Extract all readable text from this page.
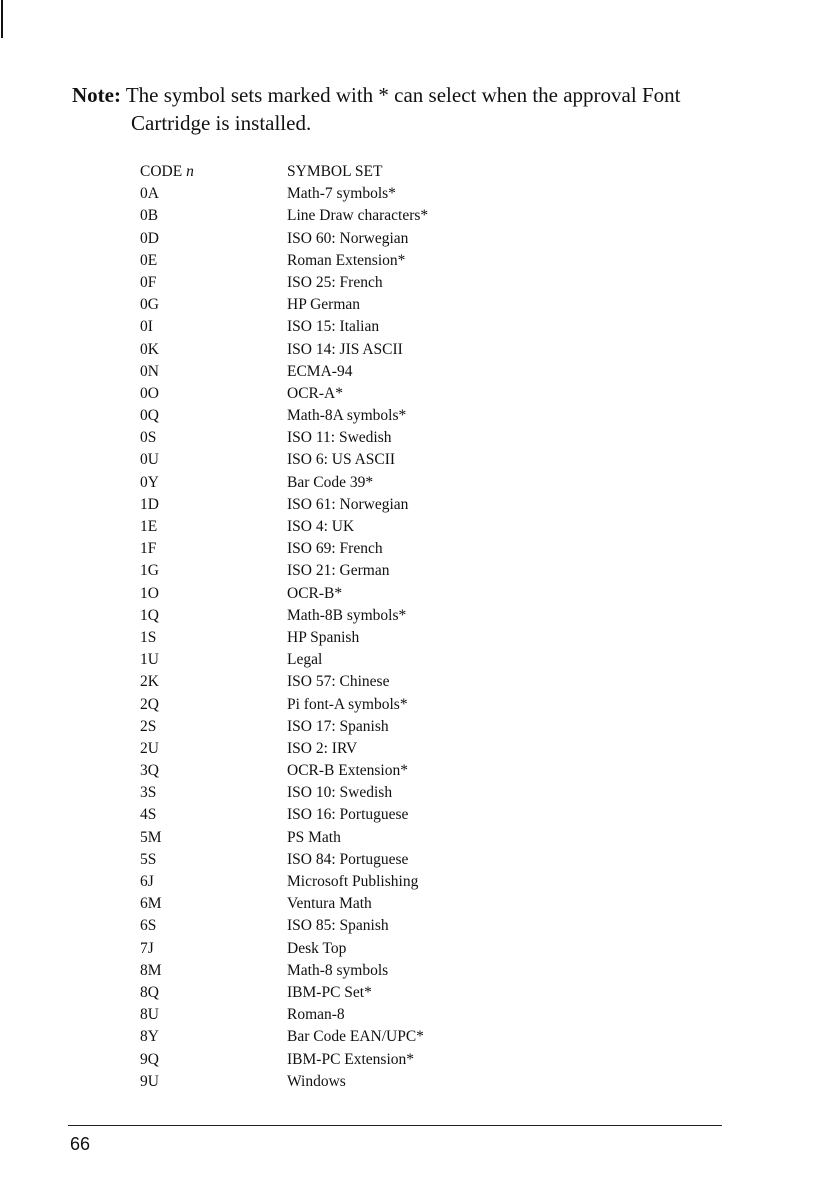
Note: The symbol sets marked with * can select when the approval Font
Cartridge is installed.
CODE n	SYMBOL SET
0A	Math-7 symbols*
0B	Line Draw characters*
0D	ISO 60: Norwegian
0E	Roman Extension*
0F	ISO 25: French
0G	HP German
0I	ISO 15: Italian
0K	ISO 14: JIS ASCII
0N	ECMA-94
0O	OCR-A*
0Q	Math-8A symbols*
0S	ISO 11: Swedish
0U	ISO 6: US ASCII
0Y	Bar Code 39*
1D	ISO 61: Norwegian
1E	ISO 4: UK
1F	ISO 69: French
1G	ISO 21: German
1O	OCR-B*
1Q	Math-8B symbols*
1S	HP Spanish
1U	Legal
2K	ISO 57: Chinese
2Q	Pi font-A symbols*
2S	ISO 17: Spanish
2U	ISO 2: IRV
3Q	OCR-B Extension*
3S	ISO 10: Swedish
4S	ISO 16: Portuguese
5M	PS Math
5S	ISO 84: Portuguese
6J	Microsoft Publishing
6M	Ventura Math
6S	ISO 85: Spanish
7J	Desk Top
8M	Math-8 symbols
8Q	IBM-PC Set*
8U	Roman-8
8Y	Bar Code EAN/UPC*
9Q	IBM-PC Extension*
9U	Windows
66
